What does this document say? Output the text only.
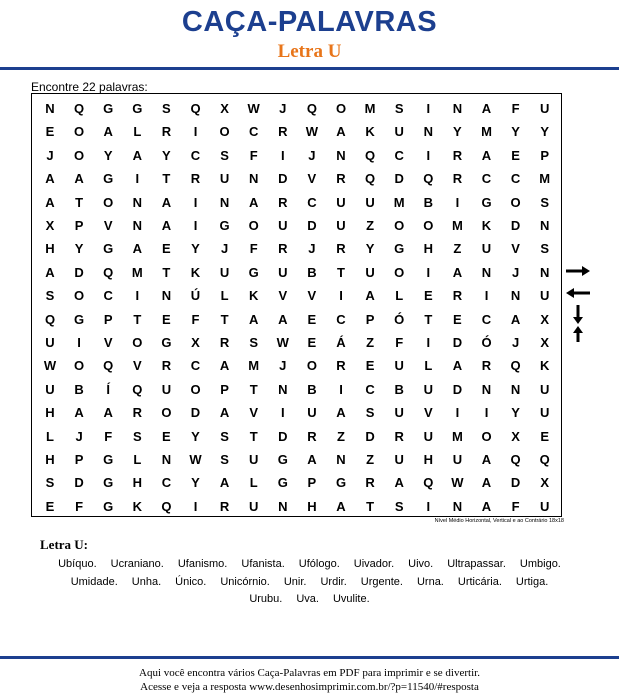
CAÇA-PALAVRAS
Letra U
Encontre 22 palavras:
N	Q	G	G	S	Q	X	W	J	Q	O	M	S	I	N	A	F	U
E	O	A	L	R	I	O	C	R	W	A	K	U	N	Y	M	Y	Y
J	O	Y	A	Y	C	S	F	I	J	N	Q	C	I	R	A	E	P
A	A	G	I	T	R	U	N	D	V	R	Q	D	Q	R	C	C	M
A	T	O	N	A	I	N	A	R	C	U	U	M	B	I	G	O	S
X	P	V	N	A	I	G	O	U	D	U	Z	O	O	M	K	D	N
H	Y	G	A	E	Y	J	F	R	J	R	Y	G	H	Z	U	V	S
A	D	Q	M	T	K	U	G	U	B	T	U	O	I	A	N	J	N
S	O	C	I	N	Ú	L	K	V	V	I	A	L	E	R	I	N	U
Q	G	P	T	E	F	T	A	A	E	C	P	Ó	T	E	C	A	X
U	I	V	O	G	X	R	S	W	E	Á	Z	F	I	D	Ó	J	X
W	O	Q	V	R	C	A	M	J	O	R	E	U	L	A	R	Q	K
U	B	Í	Q	U	O	P	T	N	B	I	C	B	U	D	N	N	U
H	A	A	R	O	D	A	V	I	U	A	S	U	V	I	I	Y	U
L	J	F	S	E	Y	S	T	D	R	Z	D	R	U	M	O	X	E
H	P	G	L	N	W	S	U	G	A	N	Z	U	H	U	A	Q	Q
S	D	G	H	C	Y	A	L	G	P	G	R	A	Q	W	A	D	X
E	F	G	K	Q	I	R	U	N	H	A	T	S	I	N	A	F	U
Nível Médio Horizontal, Vertical e ao Contrário 18x18
Letra U:
Ubíquo. Ucraniano. Ufanismo. Ufanista. Ufólogo. Uivador. Uivo. Ultrapassar. Umbigo.
Umidade. Unha. Único. Unicórnio. Unir. Urdir. Urgente. Urna. Urticária. Urtiga.
Urubu. Uva. Uvulite.
Aqui você encontra vários Caça-Palavras em PDF para imprimir e se divertir.
Acesse e veja a resposta www.desenhosimprimir.com.br/?p=11540/#resposta
